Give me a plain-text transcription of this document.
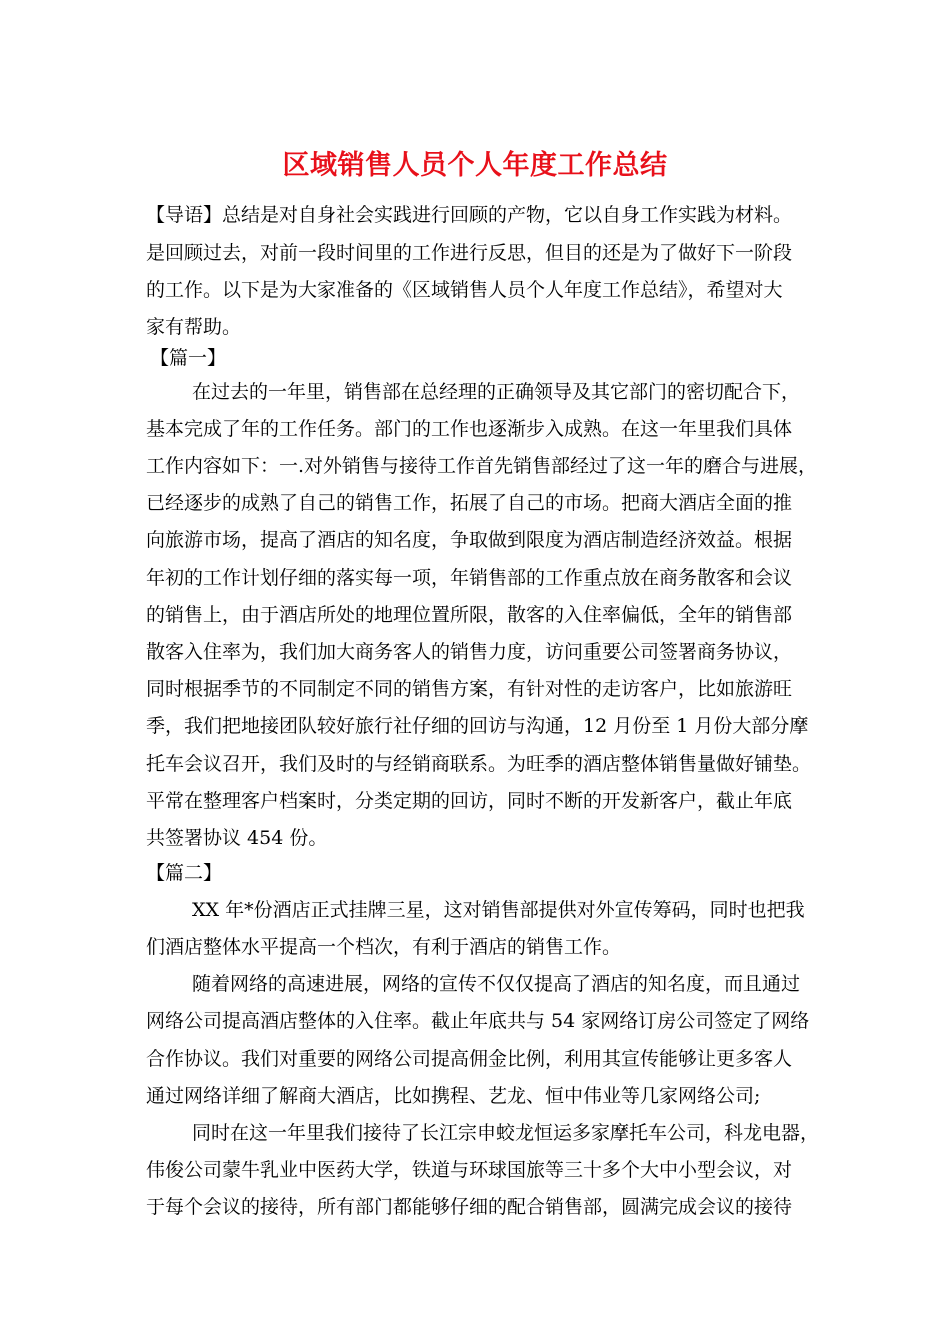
区域销售人员个人年度工作总结
【导语】总结是对自身社会实践进行回顾的产物，它以自身工作实践为材料。
是回顾过去，对前一段时间里的工作进行反思，但目的还是为了做好下一阶段
的工作。以下是为大家准备的《区域销售人员个人年度工作总结》，希望对大
家有帮助。
【篇一】
在过去的一年里，销售部在总经理的正确领导及其它部门的密切配合下，
基本完成了年的工作任务。部门的工作也逐渐步入成熟。在这一年里我们具体
工作内容如下：一.对外销售与接待工作首先销售部经过了这一年的磨合与进展，
已经逐步的成熟了自己的销售工作，拓展了自己的市场。把商大酒店全面的推
向旅游市场，提高了酒店的知名度，争取做到限度为酒店制造经济效益。根据
年初的工作计划仔细的落实每一项，年销售部的工作重点放在商务散客和会议
的销售上，由于酒店所处的地理位置所限，散客的入住率偏低，全年的销售部
散客入住率为，我们加大商务客人的销售力度，访问重要公司签署商务协议，
同时根据季节的不同制定不同的销售方案，有针对性的走访客户，比如旅游旺
季，我们把地接团队较好旅行社仔细的回访与沟通，12 月份至 1 月份大部分摩
托车会议召开，我们及时的与经销商联系。为旺季的酒店整体销售量做好铺垫。
平常在整理客户档案时，分类定期的回访，同时不断的开发新客户，截止年底
共签署协议 454 份。
【篇二】
XX 年*份酒店正式挂牌三星，这对销售部提供对外宣传筹码，同时也把我
们酒店整体水平提高一个档次，有利于酒店的销售工作。
随着网络的高速进展，网络的宣传不仅仅提高了酒店的知名度，而且通过
网络公司提高酒店整体的入住率。截止年底共与 54 家网络订房公司签定了网络
合作协议。我们对重要的网络公司提高佣金比例，利用其宣传能够让更多客人
通过网络详细了解商大酒店，比如携程、艺龙、恒中伟业等几家网络公司;
同时在这一年里我们接待了长江宗申蛟龙恒运多家摩托车公司，科龙电器，
伟俊公司蒙牛乳业中医药大学，铁道与环球国旅等三十多个大中小型会议，对
于每个会议的接待，所有部门都能够仔细的配合销售部，圆满完成会议的接待
